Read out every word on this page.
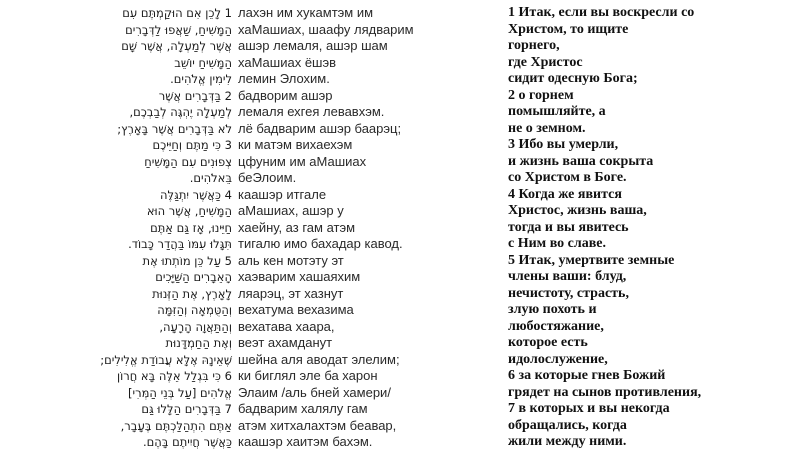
‏1 לָכֵן אִם הוּקַמְתֶּם עִם
הַמָּשִׁיחַ, שַׁאֲפוּ לַדְּבָרִים
אֲשֶׁר לְמַעְלָה, אֲשֶׁר שָׁם
הַמָּשִׁיחַ יוֹשֵׁב
לִימִין אֱלֹהִים.
2 בַּדְּבָרִים אֲשֶׁר
לְמַעְלָה יֶהְגֶּה לְבַבְכֶם,
לֹא בַּדְּבָרִים אֲשֶׁר בָּאָרֶץ;
3 כִּי מַתֶּם וְחַיֵּיכֶם
צְפוּנִים עִם הַמָּשִׁיחַ
בֵּאלֹהִים.
4 כַּאֲשֶׁר יִתְגַּלֶּה
הַמָּשִׁיחַ, אֲשֶׁר הוּא
חַיֵּינוּ, אָז גַּם אַתֶּם
תִּגָּלוּ עִמּוֹ בַּהֲדַר כָּבוֹד.
5 עַל כֵּן מוֹתְתוּ אֶת
הָאֵבָרִים הַשַּׁיָּכִים
לָאָרֶץ, אֶת הַזְּנוּת
וְהַטֻּמְאָה וְהַזִּמָּה
וְהַתַּאֲוָה הָרָעָה,
וְאֶת הַחַמְדָּנוּת
שֶׁאֵינָהּ אֶלָּא עֲבוֹדַת אֱלִילִים;
6 כִּי בִּגְלַל אֵלֶּה בָּא חֲרוֹן
אֱלֹהִים [עַל בְּנֵי הַמְּרִי]
7 בַּדְּבָרִים הַלָּלוּ גַּם
אַתֶּם הִתְהַלַּכְתֶּם בֶּעָבָר,
כַּאֲשֶׁר חֲיִיתֶם בָּהֶם.
лахэн им хукамтэм им
хаМашиах, шаафу лядварим
ашэр лемаля, ашэр шам
хаМашиах ёшэв
лемин Элохим.
бадворим ашэр
лемаля ехгея левавхэм.
лё бадварим ашэр баарэц;
ки матэм вихаехэм
цфуним им аМашиах
беЭлоим.
каашэр итгале
аМашиах, ашэр у
хаейну, аз гам атэм
тигалю имо бахадар кавод.
аль кен мотэту эт
хаэварим хашаяхим
ляарэц, эт хазнут
вехатума вехазима
вехатава хаара,
веэт ахамданут
шейна аля аводат элелим;
ки биглял эле ба харон
Элаим /аль бней хамери/
бадварим халялу гам
атэм хитхалахтэм беавар,
каашэр хаитэм бахэм.
1 Итак, если вы воскресли со
Христом, то ищите
горнего,
где Христос
сидит одесную Бога;
2 о горнем
помышляйте, а
не о земном.
3 Ибо вы умерли,
и жизнь ваша сокрыта
со Христом в Боге.
4 Когда же явится
Христос, жизнь ваша,
тогда и вы явитесь
с Ним во славе.
5 Итак, умертвите земные
члены ваши: блуд,
нечистоту, страсть,
злую похоть и
любостяжание,
которое есть
идолослужение,
6 за которые гнев Божий
грядет на сынов противления,
7 в которых и вы некогда
обращались, когда
жили между ними.
